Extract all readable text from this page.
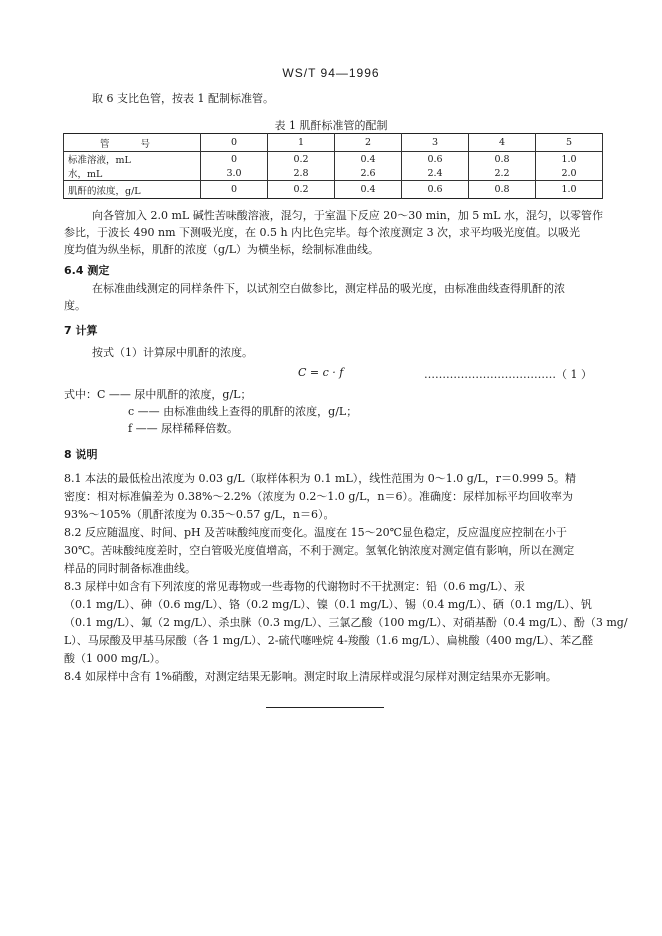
WS/T 94—1996
取 6 支比色管，按表 1 配制标准管。
表 1 肌酐标准管的配制
管 号	0	1	2	3	4	5
标准溶液，mL	0	0.2	0.4	0.6	0.8	1.0
水，mL	3.0	2.8	2.6	2.4	2.2	2.0
肌酐的浓度，g/L	0	0.2	0.4	0.6	0.8	1.0
向各管加入 2.0 mL 碱性苦味酸溶液，混匀，于室温下反应 20～30 min，加 5 mL 水，混匀，以零管作
参比，于波长 490 nm 下测吸光度，在 0.5 h 内比色完毕。每个浓度测定 3 次，求平均吸光度值。以吸光
度均值为纵坐标，肌酐的浓度（g/L）为横坐标，绘制标准曲线。
6.4 测定
在标准曲线测定的同样条件下，以试剂空白做参比，测定样品的吸光度，由标准曲线查得肌酐的浓
度。
7 计算
按式（1）计算尿中肌酐的浓度。
C = c · f	………………………………（ 1 ）
式中：C —— 尿中肌酐的浓度，g/L；
c —— 由标准曲线上查得的肌酐的浓度，g/L；
f —— 尿样稀释倍数。
8 说明
8.1 本法的最低检出浓度为 0.03 g/L（取样体积为 0.1 mL），线性范围为 0～1.0 g/L，r＝0.999 5。精
密度：相对标准偏差为 0.38%～2.2%（浓度为 0.2～1.0 g/L，n＝6）。准确度：尿样加标平均回收率为
93%～105%（肌酐浓度为 0.35～0.57 g/L，n＝6）。
8.2 反应随温度、时间、pH 及苦味酸纯度而变化。温度在 15～20℃显色稳定，反应温度应控制在小于
30℃。苦味酸纯度差时，空白管吸光度值增高，不利于测定。氢氧化钠浓度对测定值有影响，所以在测定
样品的同时制备标准曲线。
8.3 尿样中如含有下列浓度的常见毒物或一些毒物的代谢物时不干扰测定：铅（0.6 mg/L）、汞
（0.1 mg/L）、砷（0.6 mg/L）、铬（0.2 mg/L）、镍（0.1 mg/L）、锡（0.4 mg/L）、硒（0.1 mg/L）、钒
（0.1 mg/L）、氟（2 mg/L）、杀虫脒（0.3 mg/L）、三氯乙酸（100 mg/L）、对硝基酚（0.4 mg/L）、酚（3 mg/
L）、马尿酸及甲基马尿酸（各 1 mg/L）、2-硫代噻唑烷 4-羧酸（1.6 mg/L）、扁桃酸（400 mg/L）、苯乙醛
酸（1 000 mg/L）。
8.4 如尿样中含有 1%硝酸，对测定结果无影响。测定时取上清尿样或混匀尿样对测定结果亦无影响。
